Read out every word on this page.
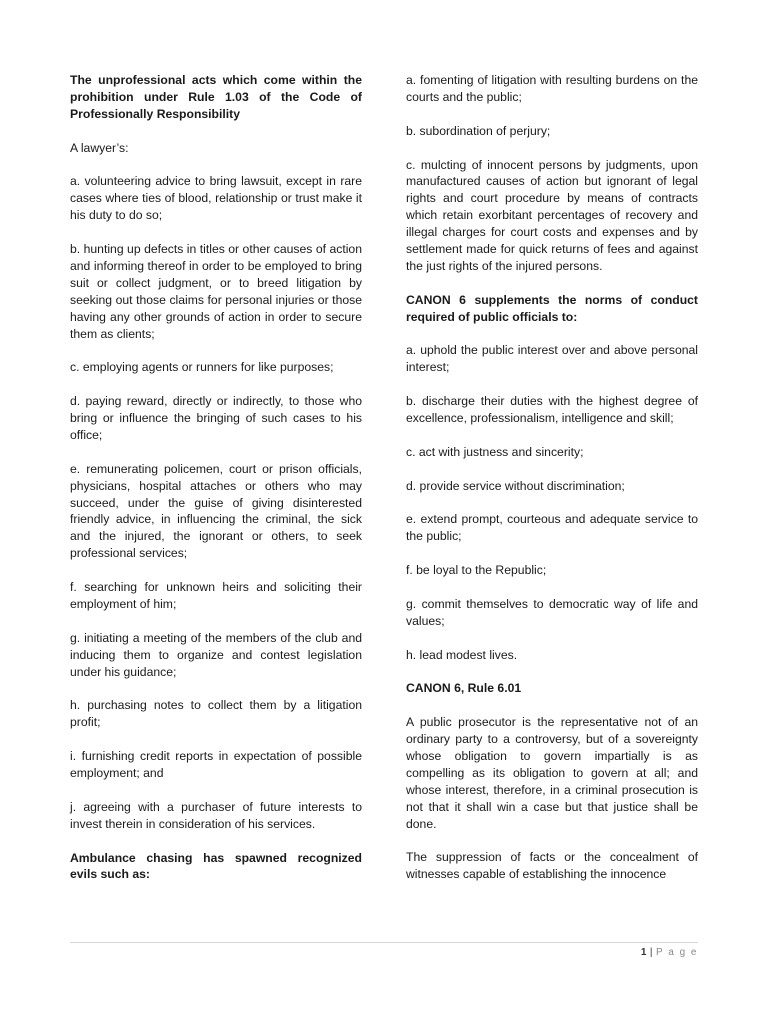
The unprofessional acts which come within the prohibition under Rule 1.03 of the Code of Professionally Responsibility

A lawyer’s:

a. volunteering advice to bring lawsuit, except in rare cases where ties of blood, relationship or trust make it his duty to do so;

b. hunting up defects in titles or other causes of action and informing thereof in order to be employed to bring suit or collect judgment, or to breed litigation by seeking out those claims for personal injuries or those having any other grounds of action in order to secure them as clients;

c. employing agents or runners for like purposes;

d. paying reward, directly or indirectly, to those who bring or influence the bringing of such cases to his office;

e. remunerating policemen, court or prison officials, physicians, hospital attaches or others who may succeed, under the guise of giving disinterested friendly advice, in influencing the criminal, the sick and the injured, the ignorant or others, to seek professional services;

f. searching for unknown heirs and soliciting their employment of him;

g. initiating a meeting of the members of the club and inducing them to organize and contest legislation under his guidance;

h. purchasing notes to collect them by a litigation profit;

i. furnishing credit reports in expectation of possible employment; and

j. agreeing with a purchaser of future interests to invest therein in consideration of his services.

Ambulance chasing has spawned recognized evils such as:

a. fomenting of litigation with resulting burdens on the courts and the public;

b. subordination of perjury;

c. mulcting of innocent persons by judgments, upon manufactured causes of action but ignorant of legal rights and court procedure by means of contracts which retain exorbitant percentages of recovery and illegal charges for court costs and expenses and by settlement made for quick returns of fees and against the just rights of the injured persons.

CANON 6 supplements the norms of conduct required of public officials to:

a. uphold the public interest over and above personal interest;

b. discharge their duties with the highest degree of excellence, professionalism, intelligence and skill;

c. act with justness and sincerity;

d. provide service without discrimination;

e. extend prompt, courteous and adequate service to the public;

f. be loyal to the Republic;

g. commit themselves to democratic way of life and values;

h. lead modest lives.

CANON 6, Rule 6.01

A public prosecutor is the representative not of an ordinary party to a controversy, but of a sovereignty whose obligation to govern impartially is as compelling as its obligation to govern at all; and whose interest, therefore, in a criminal prosecution is not that it shall win a case but that justice shall be done.

The suppression of facts or the concealment of witnesses capable of establishing the innocence

1 | P a g e
